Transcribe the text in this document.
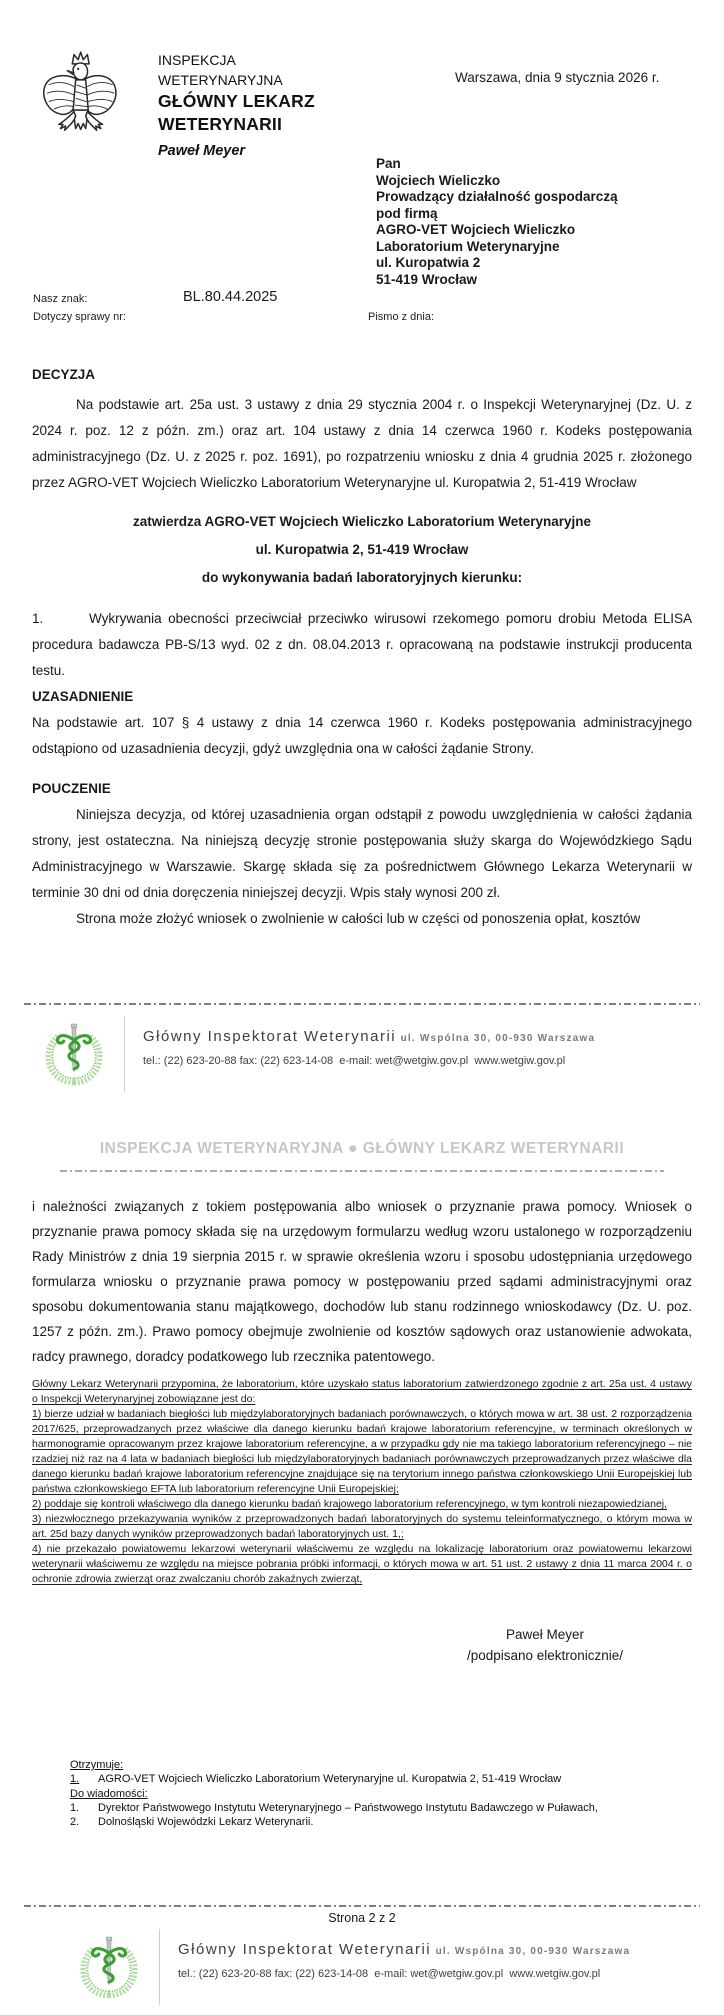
INSPEKCJA
WETERYNARYJNA
GŁÓWNY LEKARZ
WETERYNARII
Paweł Meyer
Warszawa, dnia 9 stycznia 2026 r.
Pan
Wojciech Wieliczko
Prowadzący działalność gospodarczą
pod firmą
AGRO-VET Wojciech Wieliczko
Laboratorium Weterynaryjne
ul. Kuropatwia 2
51-419 Wrocław
Nasz znak:	BL.80.44.2025
Dotyczy sprawy nr:	Pismo z dnia:

DECYZJA

Na podstawie art. 25a ust. 3 ustawy z dnia 29 stycznia 2004 r. o Inspekcji Weterynaryjnej (Dz. U. z 2024 r. poz. 12 z późn. zm.) oraz art. 104 ustawy z dnia 14 czerwca 1960 r. Kodeks postępowania administracyjnego (Dz. U. z 2025 r. poz. 1691), po rozpatrzeniu wniosku z dnia 4 grudnia 2025 r. złożonego przez AGRO-VET Wojciech Wieliczko Laboratorium Weterynaryjne ul. Kuropatwia 2, 51-419 Wrocław

zatwierdza AGRO-VET Wojciech Wieliczko Laboratorium Weterynaryjne
ul. Kuropatwia 2, 51-419 Wrocław
do wykonywania badań laboratoryjnych kierunku:

1.	Wykrywania obecności przeciwciał przeciwko wirusowi rzekomego pomoru drobiu Metoda ELISA procedura badawcza PB-S/13 wyd. 02 z dn. 08.04.2013 r. opracowaną na podstawie instrukcji producenta testu.

UZASADNIENIE

Na podstawie art. 107 § 4 ustawy z dnia 14 czerwca 1960 r. Kodeks postępowania administracyjnego odstąpiono od uzasadnienia decyzji, gdyż uwzględnia ona w całości żądanie Strony.

POUCZENIE

Niniejsza decyzja, od której uzasadnienia organ odstąpił z powodu uwzględnienia w całości żądania strony, jest ostateczna. Na niniejszą decyzję stronie postępowania służy skarga do Wojewódzkiego Sądu Administracyjnego w Warszawie. Skargę składa się za pośrednictwem Głównego Lekarza Weterynarii w terminie 30 dni od dnia doręczenia niniejszej decyzji. Wpis stały wynosi 200 zł.

Strona może złożyć wniosek o zwolnienie w całości lub w części od ponoszenia opłat, kosztów

Główny Inspektorat Weterynarii ul. Wspólna 30, 00-930 Warszawa
tel.: (22) 623-20-88 fax: (22) 623-14-08  e-mail: wet@wetgiw.gov.pl  www.wetgiw.gov.pl
INSPEKCJA WETERYNARYJNA ● GŁÓWNY LEKARZ WETERYNARII

i należności związanych z tokiem postępowania albo wniosek o przyznanie prawa pomocy. Wniosek o przyznanie prawa pomocy składa się na urzędowym formularzu według wzoru ustalonego w rozporządzeniu Rady Ministrów z dnia 19 sierpnia 2015 r. w sprawie określenia wzoru i sposobu udostępniania urzędowego formularza wniosku o przyznanie prawa pomocy w postępowaniu przed sądami administracyjnymi oraz sposobu dokumentowania stanu majątkowego, dochodów lub stanu rodzinnego wnioskodawcy (Dz. U. poz. 1257 z późn. zm.). Prawo pomocy obejmuje zwolnienie od kosztów sądowych oraz ustanowienie adwokata, radcy prawnego, doradcy podatkowego lub rzecznika patentowego.

Główny Lekarz Weterynarii przypomina, że laboratorium, które uzyskało status laboratorium zatwierdzonego zgodnie z art. 25a ust. 4 ustawy o Inspekcji Weterynaryjnej zobowiązane jest do:

1) bierze udział w badaniach biegłości lub międzylaboratoryjnych badaniach porównawczych, o których mowa w art. 38 ust. 2 rozporządzenia 2017/625, przeprowadzanych przez właściwe dla danego kierunku badań krajowe laboratorium referencyjne, w terminach określonych w harmonogramie opracowanym przez krajowe laboratorium referencyjne, a w przypadku gdy nie ma takiego laboratorium referencyjnego – nie rzadziej niż raz na 4 lata w badaniach biegłości lub międzylaboratoryjnych badaniach porównawczych przeprowadzanych przez właściwe dla danego kierunku badań krajowe laboratorium referencyjne znajdujące się na terytorium innego państwa członkowskiego Unii Europejskiej lub państwa członkowskiego EFTA lub laboratorium referencyjne Unii Europejskiej;

2) poddaje się kontroli właściwego dla danego kierunku badań krajowego laboratorium referencyjnego, w tym kontroli niezapowiedzianej,

3) niezwłocznego przekazywania wyników z przeprowadzonych badań laboratoryjnych do systemu teleinformatycznego, o którym mowa w art. 25d bazy danych wyników przeprowadzonych badań laboratoryjnych ust. 1,;

4) nie przekazało powiatowemu lekarzowi weterynarii właściwemu ze względu na lokalizację laboratorium oraz powiatowemu lekarzowi weterynarii właściwemu ze względu na miejsce pobrania próbki informacji, o których mowa w art. 51 ust. 2 ustawy z dnia 11 marca 2004 r. o ochronie zdrowia zwierząt oraz zwalczaniu chorób zakaźnych zwierząt,

Paweł Meyer
/podpisano elektronicznie/
Otrzymuje:
1.	AGRO-VET Wojciech Wieliczko Laboratorium Weterynaryjne ul. Kuropatwia 2, 51-419 Wrocław
Do wiadomości:
1.	Dyrektor Państwowego Instytutu Weterynaryjnego – Państwowego Instytutu Badawczego w Puławach,
2.	Dolnośląski Wojewódzki Lekarz Weterynarii.
Strona 2 z 2
Główny Inspektorat Weterynarii ul. Wspólna 30, 00-930 Warszawa
tel.: (22) 623-20-88 fax: (22) 623-14-08  e-mail: wet@wetgiw.gov.pl  www.wetgiw.gov.pl
